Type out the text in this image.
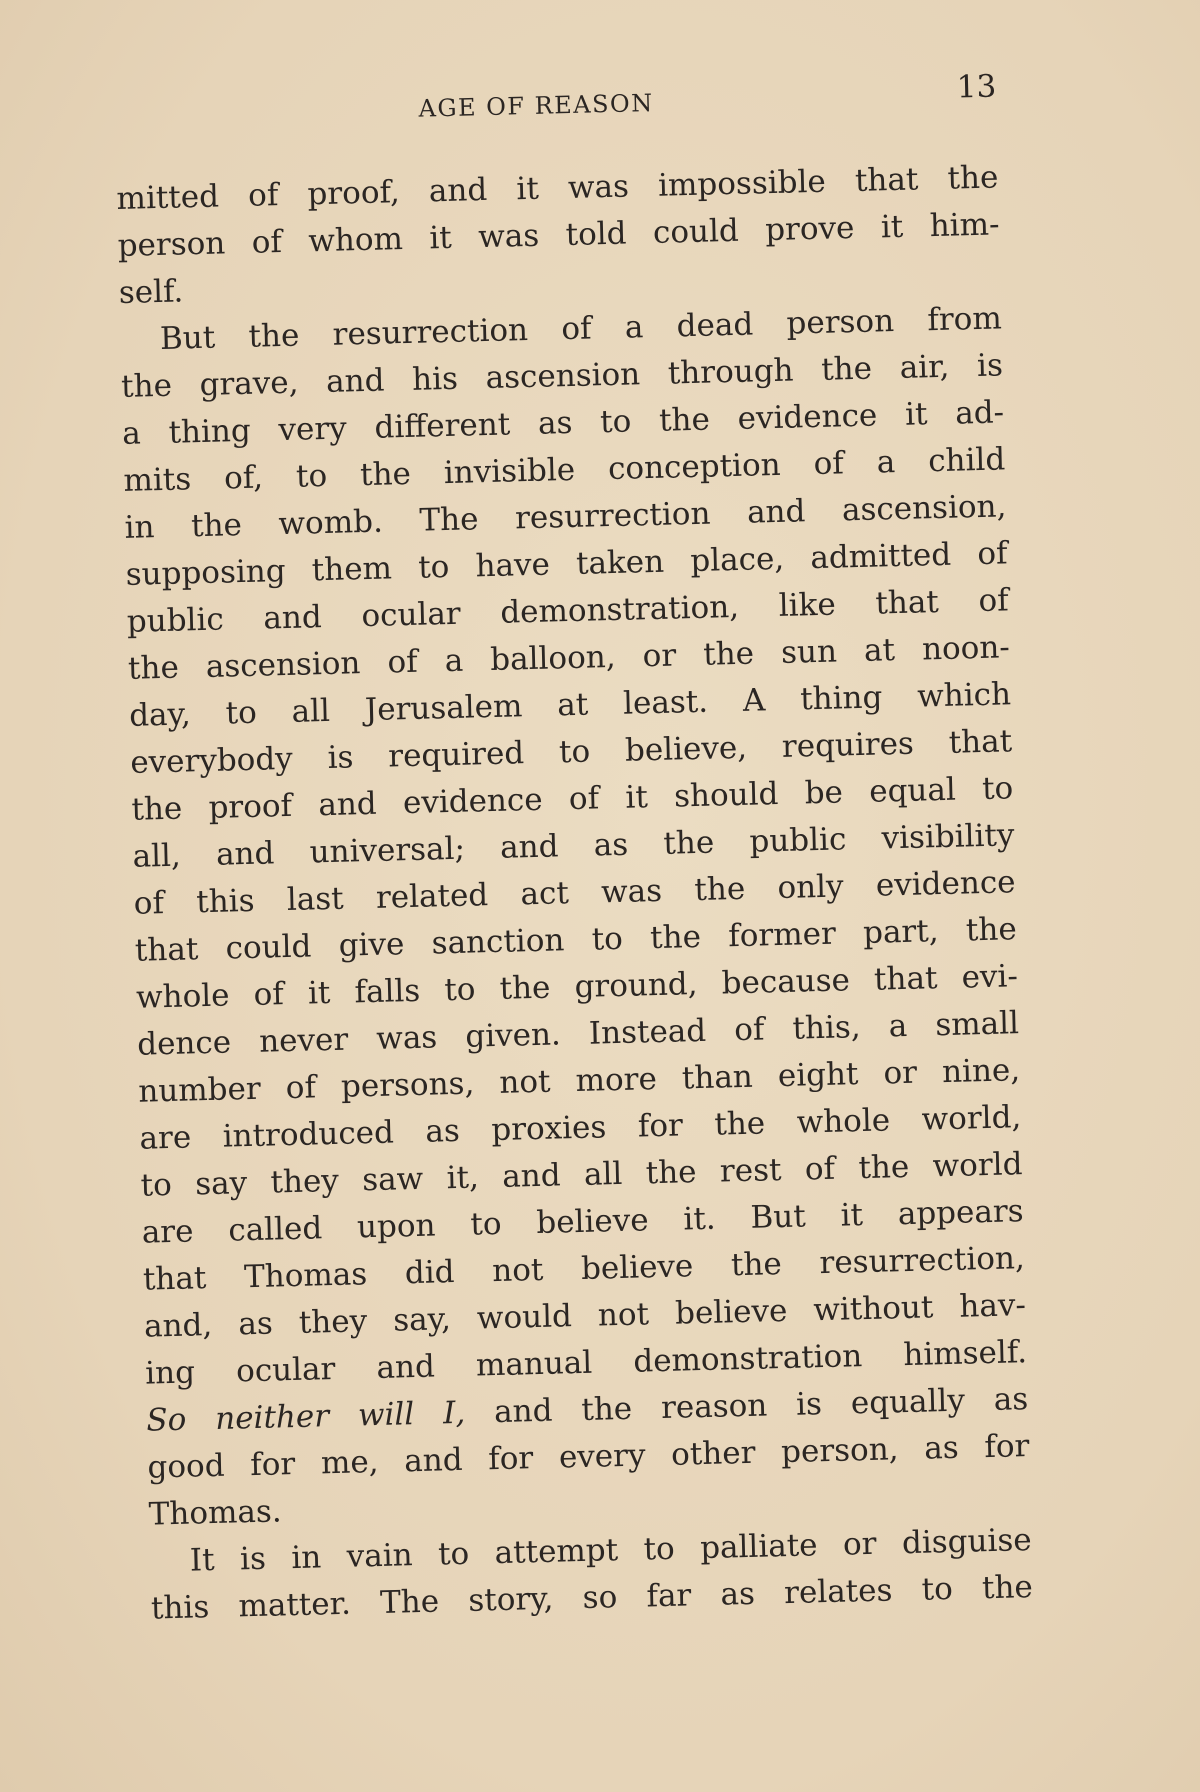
AGE OF REASON
13
mitted of proof, and it was impossible that the
person of whom it was told could prove it him-
self.
But the resurrection of a dead person from
the grave, and his ascension through the air, is
a thing very different as to the evidence it ad-
mits of, to the invisible conception of a child
in the womb. The resurrection and ascension,
supposing them to have taken place, admitted of
public and ocular demonstration, like that of
the ascension of a balloon, or the sun at noon-
day, to all Jerusalem at least. A thing which
everybody is required to believe, requires that
the proof and evidence of it should be equal to
all, and universal; and as the public visibility
of this last related act was the only evidence
that could give sanction to the former part, the
whole of it falls to the ground, because that evi-
dence never was given. Instead of this, a small
number of persons, not more than eight or nine,
are introduced as proxies for the whole world,
to say they saw it, and all the rest of the world
are called upon to believe it. But it appears
that Thomas did not believe the resurrection,
and, as they say, would not believe without hav-
ing ocular and manual demonstration himself.
So neither will I, and the reason is equally as
good for me, and for every other person, as for
Thomas.
It is in vain to attempt to palliate or disguise
this matter. The story, so far as relates to the
